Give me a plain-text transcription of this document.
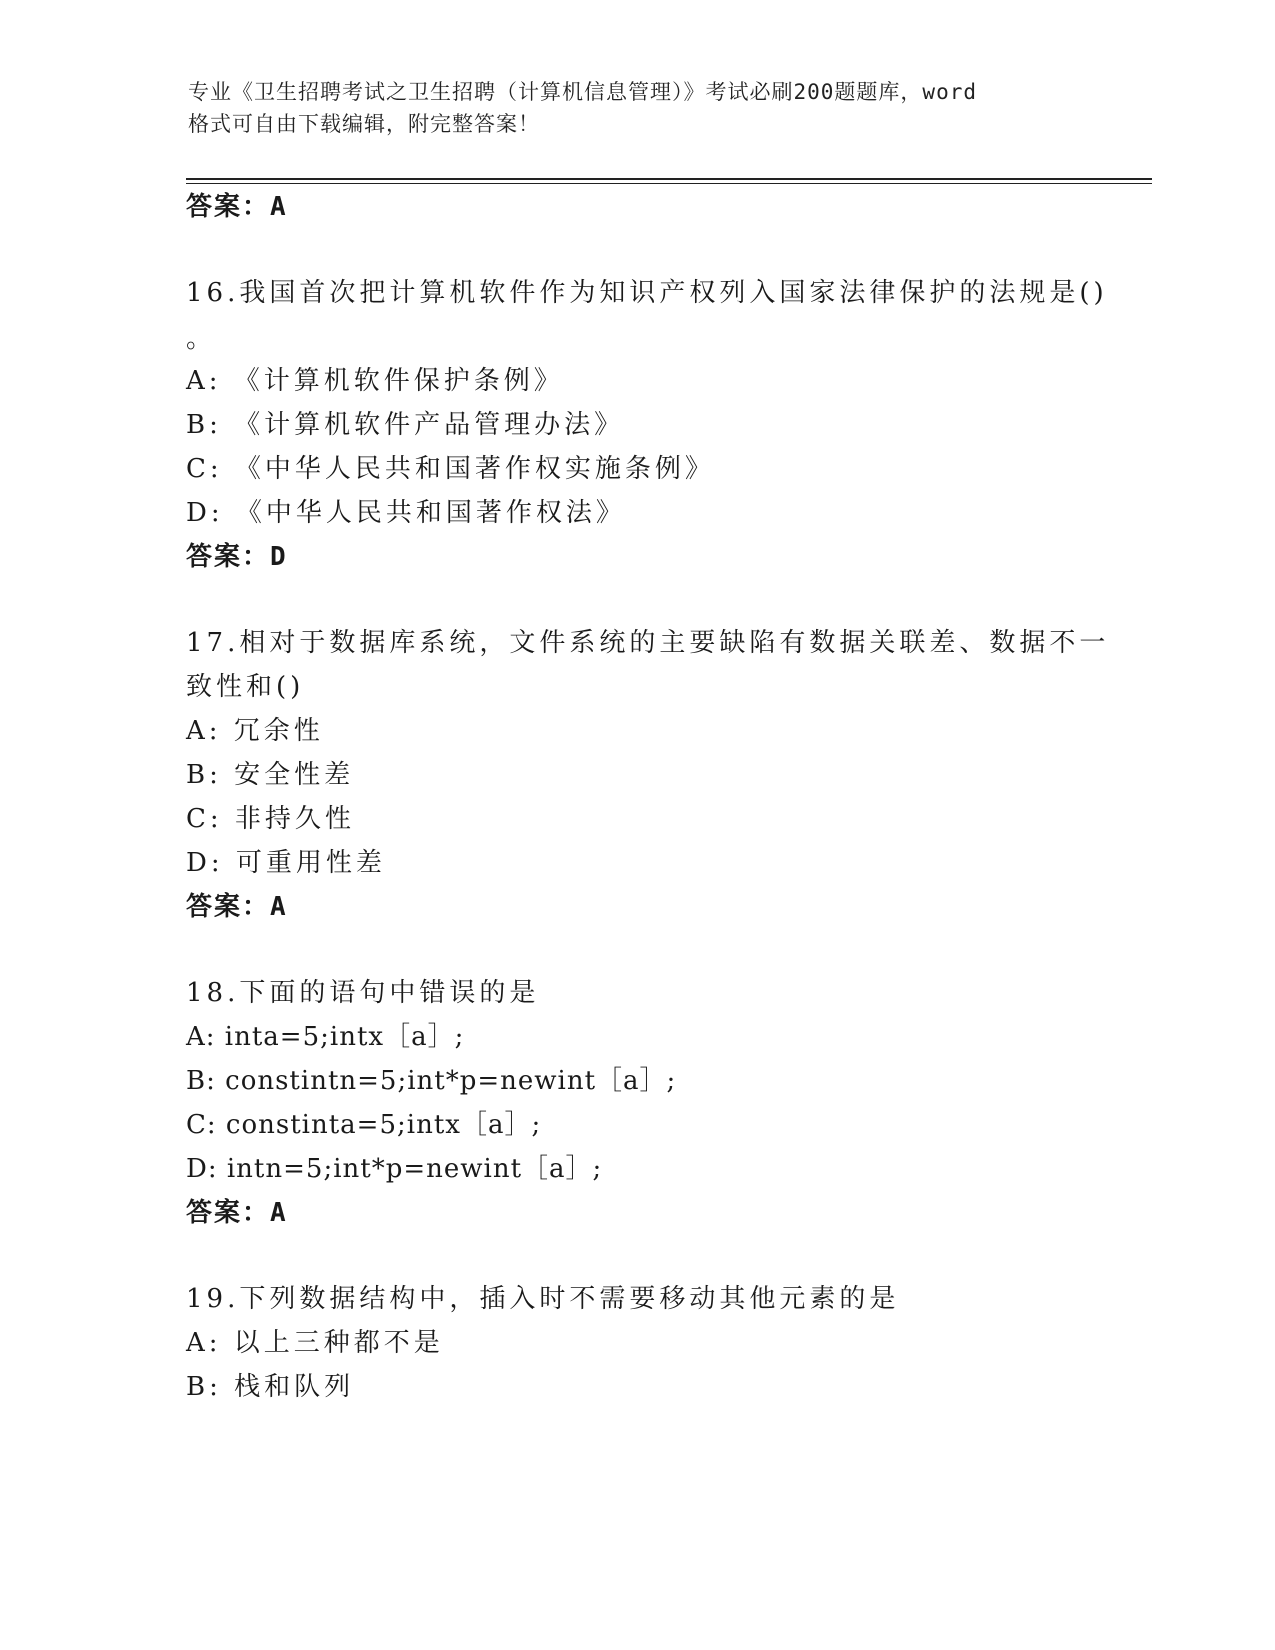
专业《卫生招聘考试之卫生招聘（计算机信息管理）》考试必刷200题题库，word
格式可自由下载编辑，附完整答案！
答案：A
16.我国首次把计算机软件作为知识产权列入国家法律保护的法规是()
。
A: 《计算机软件保护条例》
B: 《计算机软件产品管理办法》
C: 《中华人民共和国著作权实施条例》
D: 《中华人民共和国著作权法》
答案：D
17.相对于数据库系统，文件系统的主要缺陷有数据关联差、数据不一
致性和()
A: 冗余性
B: 安全性差
C: 非持久性
D: 可重用性差
答案：A
18.下面的语句中错误的是
A: inta=5;intx［a］;
B: constintn=5;int*p=newint［a］;
C: constinta=5;intx［a］;
D: intn=5;int*p=newint［a］;
答案：A
19.下列数据结构中，插入时不需要移动其他元素的是
A: 以上三种都不是
B: 栈和队列
